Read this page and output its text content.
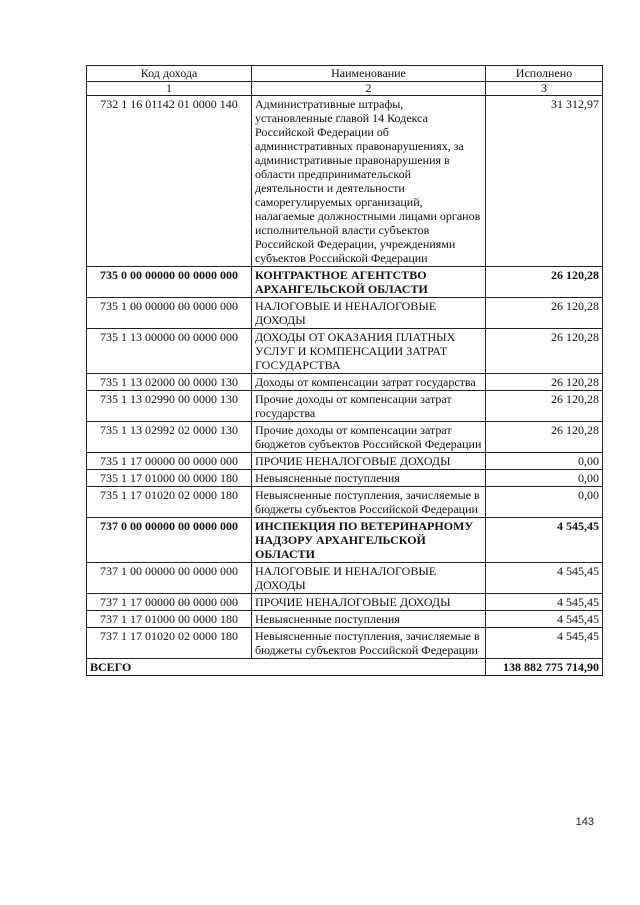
Код дохода	Наименование	Исполнено
1	2	3
732 1 16 01142 01 0000 140	Административные штрафы, установленные главой 14 Кодекса Российской Федерации об административных правонарушениях, за административные правонарушения в области предпринимательской деятельности и деятельности саморегулируемых организаций, налагаемые должностными лицами органов исполнительной власти субъектов Российской Федерации, учреждениями субъектов Российской Федерации	31 312,97
735 0 00 00000 00 0000 000	КОНТРАКТНОЕ АГЕНТСТВО АРХАНГЕЛЬСКОЙ ОБЛАСТИ	26 120,28
735 1 00 00000 00 0000 000	НАЛОГОВЫЕ И НЕНАЛОГОВЫЕ ДОХОДЫ	26 120,28
735 1 13 00000 00 0000 000	ДОХОДЫ ОТ ОКАЗАНИЯ ПЛАТНЫХ УСЛУГ И КОМПЕНСАЦИИ ЗАТРАТ ГОСУДАРСТВА	26 120,28
735 1 13 02000 00 0000 130	Доходы от компенсации затрат государства	26 120,28
735 1 13 02990 00 0000 130	Прочие доходы от компенсации затрат государства	26 120,28
735 1 13 02992 02 0000 130	Прочие доходы от компенсации затрат бюджетов субъектов Российской Федерации	26 120,28
735 1 17 00000 00 0000 000	ПРОЧИЕ НЕНАЛОГОВЫЕ ДОХОДЫ	0,00
735 1 17 01000 00 0000 180	Невыясненные поступления	0,00
735 1 17 01020 02 0000 180	Невыясненные поступления, зачисляемые в бюджеты субъектов Российской Федерации	0,00
737 0 00 00000 00 0000 000	ИНСПЕКЦИЯ ПО ВЕТЕРИНАРНОМУ НАДЗОРУ АРХАНГЕЛЬСКОЙ ОБЛАСТИ	4 545,45
737 1 00 00000 00 0000 000	НАЛОГОВЫЕ И НЕНАЛОГОВЫЕ ДОХОДЫ	4 545,45
737 1 17 00000 00 0000 000	ПРОЧИЕ НЕНАЛОГОВЫЕ ДОХОДЫ	4 545,45
737 1 17 01000 00 0000 180	Невыясненные поступления	4 545,45
737 1 17 01020 02 0000 180	Невыясненные поступления, зачисляемые в бюджеты субъектов Российской Федерации	4 545,45
ВСЕГО		138 882 775 714,90
143
